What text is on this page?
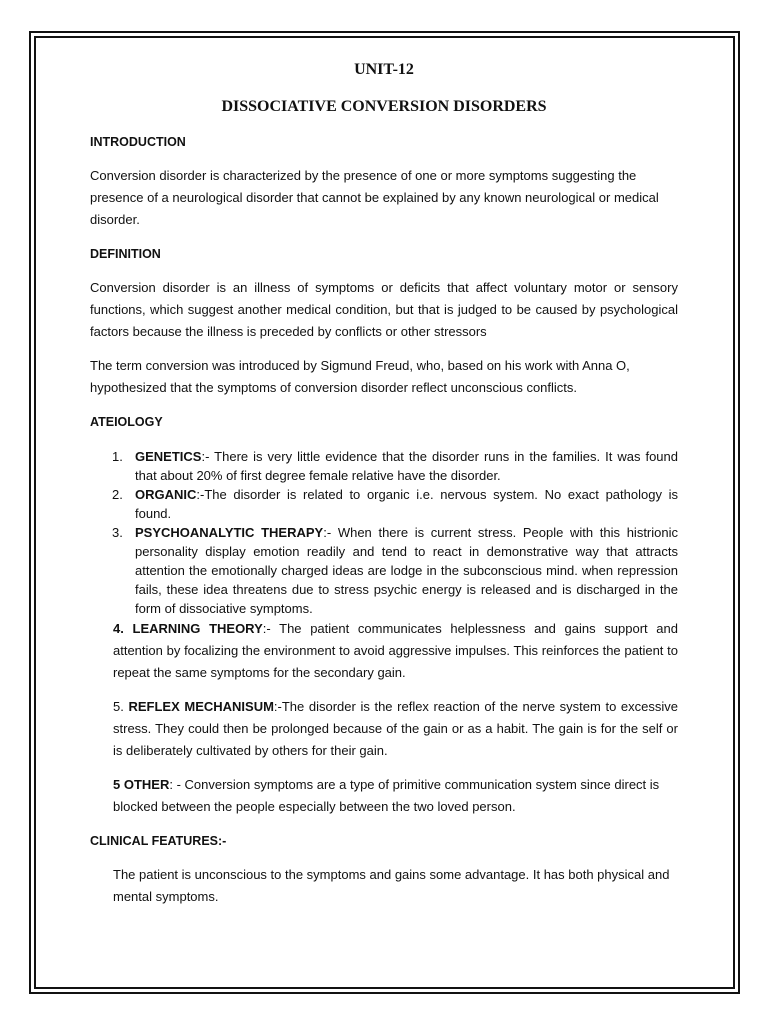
UNIT-12
DISSOCIATIVE CONVERSION DISORDERS
INTRODUCTION

Conversion disorder is characterized by the presence of one or more symptoms suggesting the presence of a neurological disorder that cannot be explained by any known neurological or medical disorder.

DEFINITION

Conversion disorder is an illness of symptoms or deficits that affect voluntary motor or sensory functions, which suggest another medical condition, but that is judged to be caused by psychological factors because the illness is preceded by conflicts or other stressors

The term conversion was introduced by Sigmund Freud, who, based on his work with Anna O, hypothesized that the symptoms of conversion disorder reflect unconscious conflicts.

ATEIOLOGY
1. GENETICS:- There is very little evidence that the disorder runs in the families. It was found that about 20% of first degree female relative have the disorder.
2. ORGANIC:-The disorder is related to organic i.e. nervous system. No exact pathology is found.
3. PSYCHOANALYTIC THERAPY:- When there is current stress. People with this histrionic personality display emotion readily and tend to react in demonstrative way that attracts attention the emotionally charged ideas are lodge in the subconscious mind. when repression fails, these idea threatens due to stress psychic energy is released and is discharged in the form of dissociative symptoms.

4. LEARNING THEORY:- The patient communicates helplessness and gains support and attention by focalizing the environment to avoid aggressive impulses. This reinforces the patient to repeat the same symptoms for the secondary gain.

5. REFLEX MECHANISUM:-The disorder is the reflex reaction of the nerve system to excessive stress. They could then be prolonged because of the gain or as a habit. The gain is for the self or is deliberately cultivated by others for their gain.

5 OTHER: - Conversion symptoms are a type of primitive communication system since direct is blocked between the people especially between the two loved person.

CLINICAL FEATURES:-

The patient is unconscious to the symptoms and gains some advantage. It has both physical and mental symptoms.
